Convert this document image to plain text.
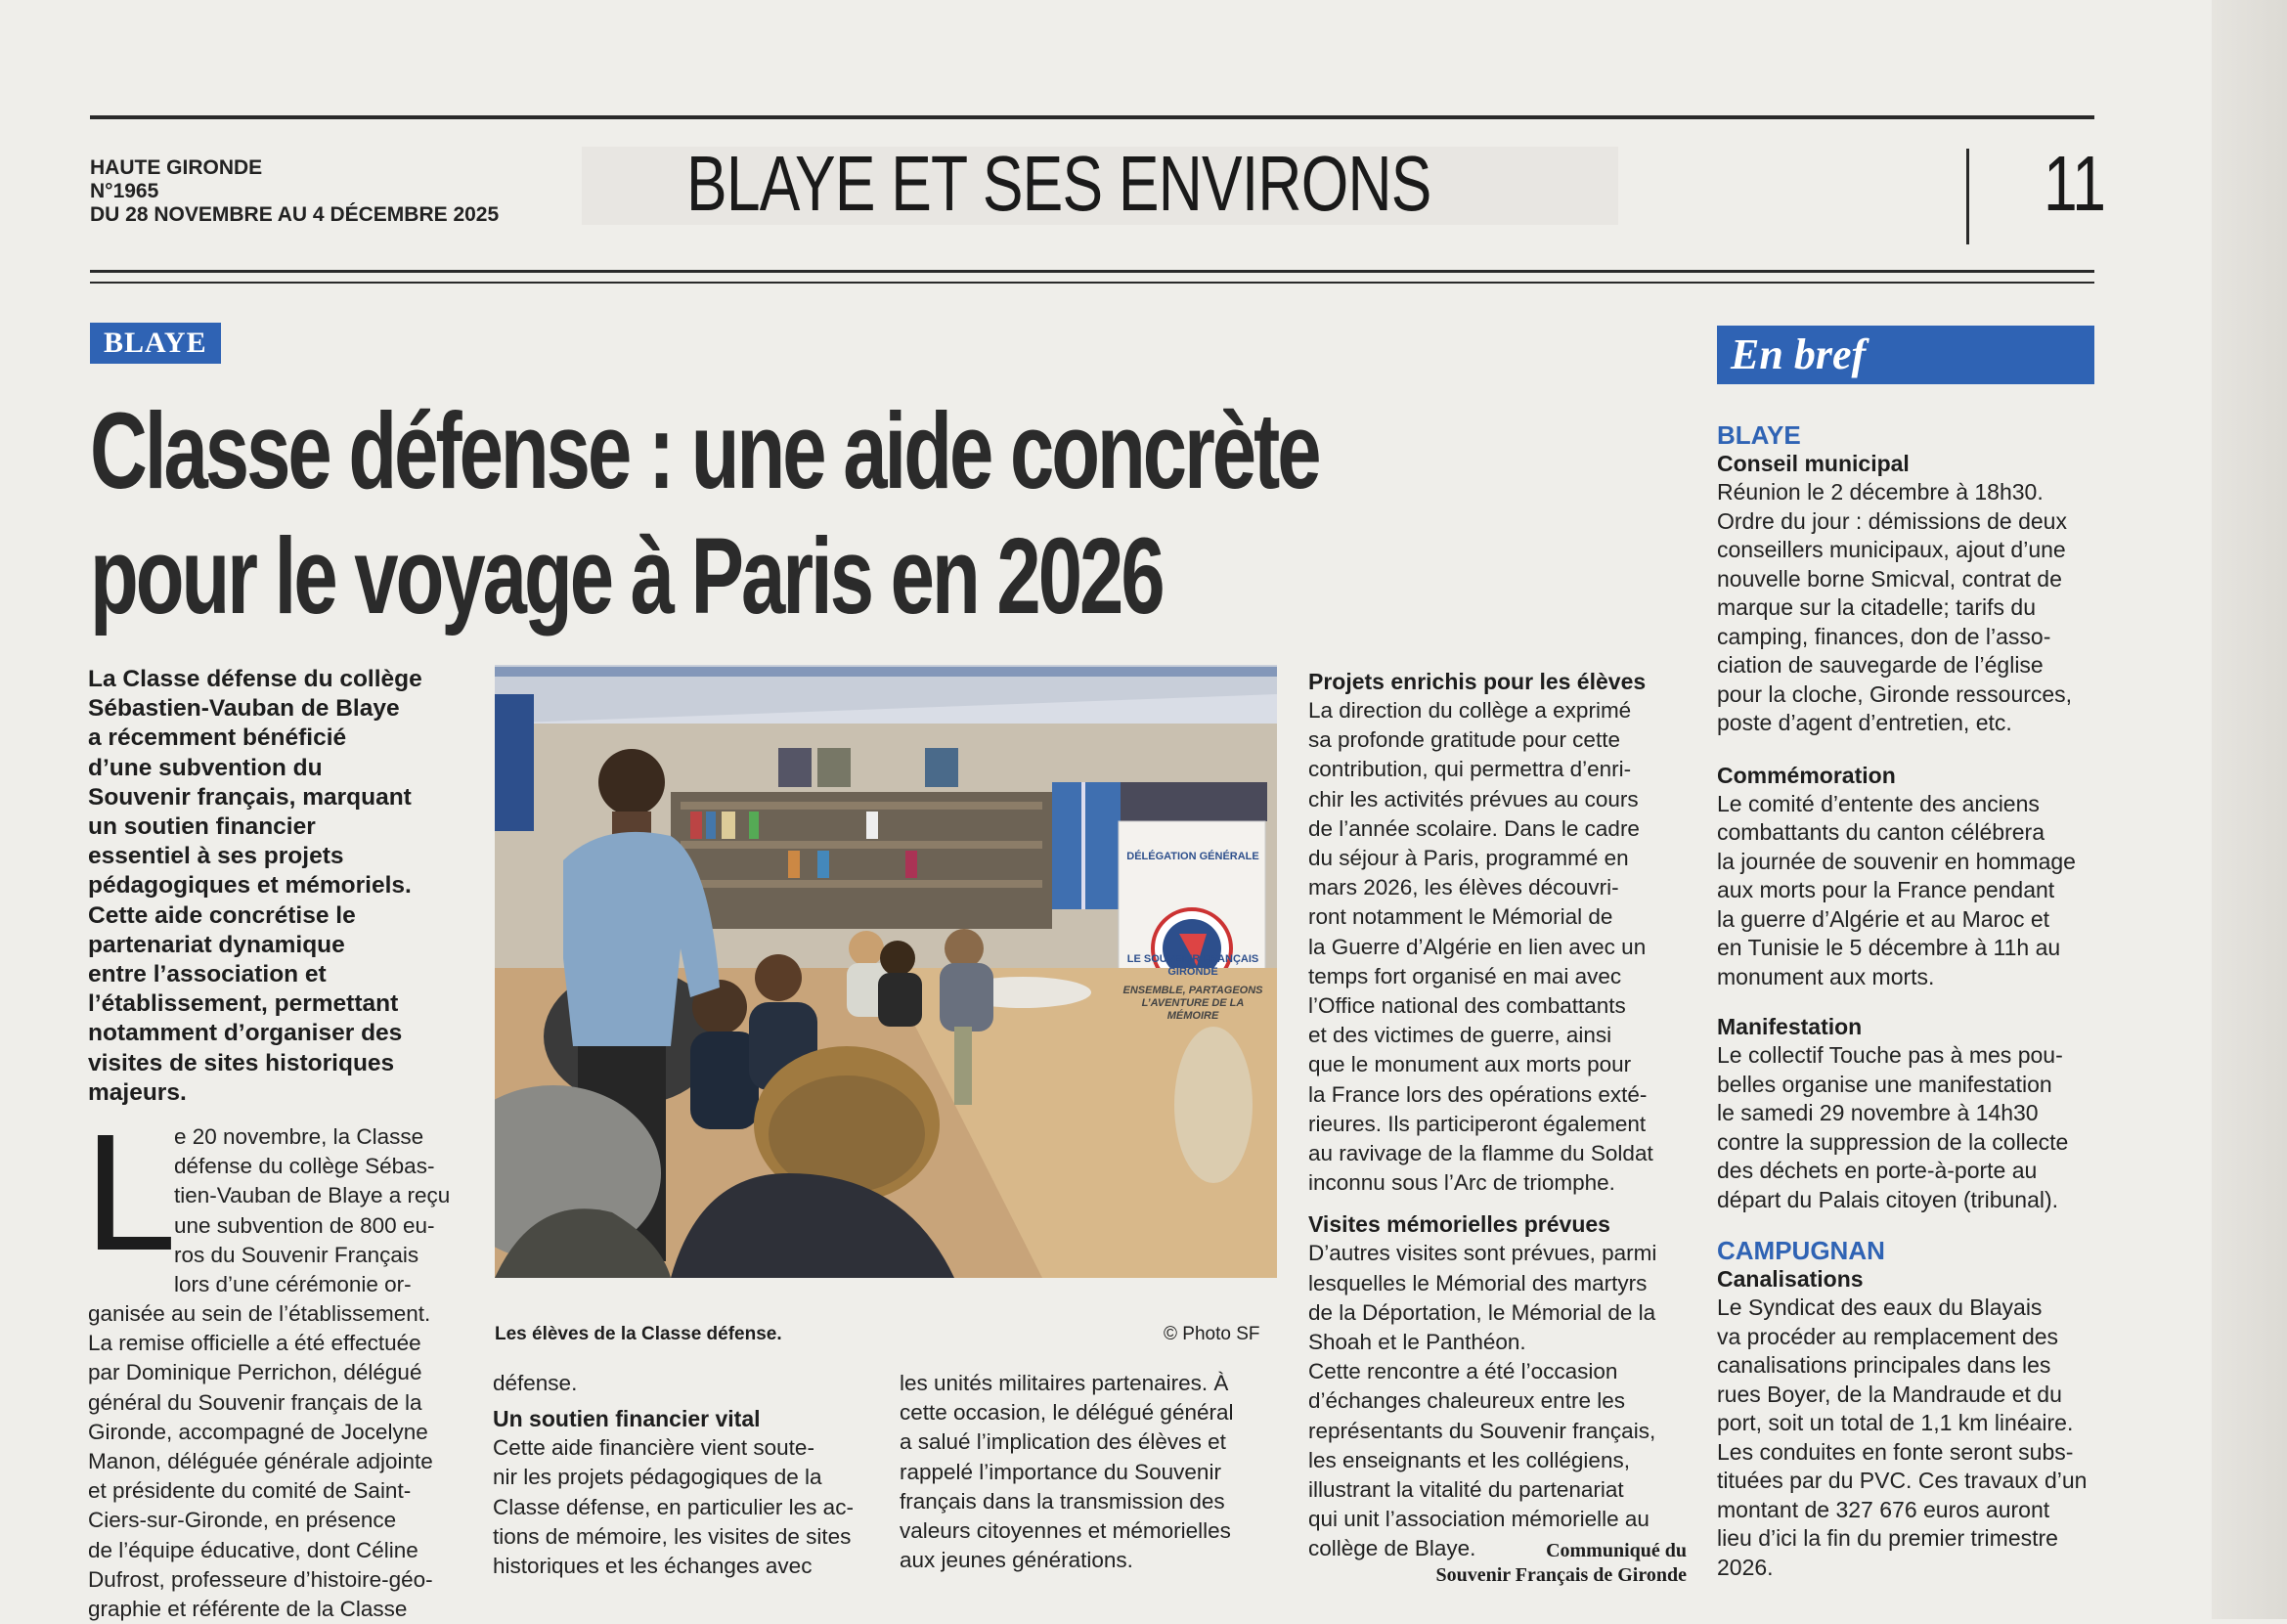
HAUTE GIRONDE
N°1965
DU 28 NOVEMBRE AU 4 DÉCEMBRE 2025 BLAYE ET SES ENVIRONS	11
BLAYE
Classe défense : une aide concrète
pour le voyage à Paris en 2026
La Classe défense du collège
Sébastien-Vauban de Blaye
a récemment bénéficié
d’une subvention du
Souvenir français, marquant
un soutien financier
essentiel à ses projets
pédagogiques et mémoriels.
Cette aide concrétise le
partenariat dynamique
entre l’association et
l’établissement, permettant
notamment d’organiser des
visites de sites historiques
majeurs.
L
e 20 novembre, la Classe
défense du collège Sébas-
tien-Vauban de Blaye a reçu
une subvention de 800 eu-
ros du Souvenir Français
lors d’une cérémonie or-
ganisée au sein de l’établissement.
La remise officielle a été effectuée
par Dominique Perrichon, délégué
général du Souvenir français de la
Gironde, accompagné de Jocelyne
Manon, déléguée générale adjointe
et présidente du comité de Saint-
Ciers-sur-Gironde, en présence
de l’équipe éducative, dont Céline
Dufrost, professeure d’histoire-géo-
graphie et référente de la Classe
Les élèves de la Classe défense.	© Photo SF
DÉLÉGATION GÉNÉRALE
LE SOUVENIR FRANÇAIS
GIRONDE
ENSEMBLE, PARTAGEONS L’AVENTURE DE LA MÉMOIRE
défense.
Un soutien financier vital
Cette aide financière vient soute-
nir les projets pédagogiques de la
Classe défense, en particulier les ac-
tions de mémoire, les visites de sites
historiques et les échanges avec
les unités militaires partenaires. À
cette occasion, le délégué général
a salué l’implication des élèves et
rappelé l’importance du Souvenir
français dans la transmission des
valeurs citoyennes et mémorielles
aux jeunes générations.
Projets enrichis pour les élèves
La direction du collège a exprimé
sa profonde gratitude pour cette
contribution, qui permettra d’enri-
chir les activités prévues au cours
de l’année scolaire. Dans le cadre
du séjour à Paris, programmé en
mars 2026, les élèves découvri-
ront notamment le Mémorial de
la Guerre d’Algérie en lien avec un
temps fort organisé en mai avec
l’Office national des combattants
et des victimes de guerre, ainsi
que le monument aux morts pour
la France lors des opérations exté-
rieures. Ils participeront également
au ravivage de la flamme du Soldat
inconnu sous l’Arc de triomphe.
Visites mémorielles prévues
D’autres visites sont prévues, parmi
lesquelles le Mémorial des martyrs
de la Déportation, le Mémorial de la
Shoah et le Panthéon.
Cette rencontre a été l’occasion
d’échanges chaleureux entre les
représentants du Souvenir français,
les enseignants et les collégiens,
illustrant la vitalité du partenariat
qui unit l’association mémorielle au
collège de Blaye.	Communiqué du
Souvenir Français de Gironde
En bref
BLAYE
Conseil municipal
Réunion le 2 décembre à 18h30.
Ordre du jour : démissions de deux
conseillers municipaux, ajout d’une
nouvelle borne Smicval, contrat de
marque sur la citadelle; tarifs du
camping, finances, don de l’asso-
ciation de sauvegarde de l’église
pour la cloche, Gironde ressources,
poste d’agent d’entretien, etc.
Commémoration
Le comité d’entente des anciens
combattants du canton célébrera
la journée de souvenir en hommage
aux morts pour la France pendant
la guerre d’Algérie et au Maroc et
en Tunisie le 5 décembre à 11h au
monument aux morts.
Manifestation
Le collectif Touche pas à mes pou-
belles organise une manifestation
le samedi 29 novembre à 14h30
contre la suppression de la collecte
des déchets en porte-à-porte au
départ du Palais citoyen (tribunal).
CAMPUGNAN
Canalisations
Le Syndicat des eaux du Blayais
va procéder au remplacement des
canalisations principales dans les
rues Boyer, de la Mandraude et du
port, soit un total de 1,1 km linéaire.
Les conduites en fonte seront subs-
tituées par du PVC. Ces travaux d’un
montant de 327 676 euros auront
lieu d’ici la fin du premier trimestre
2026.
